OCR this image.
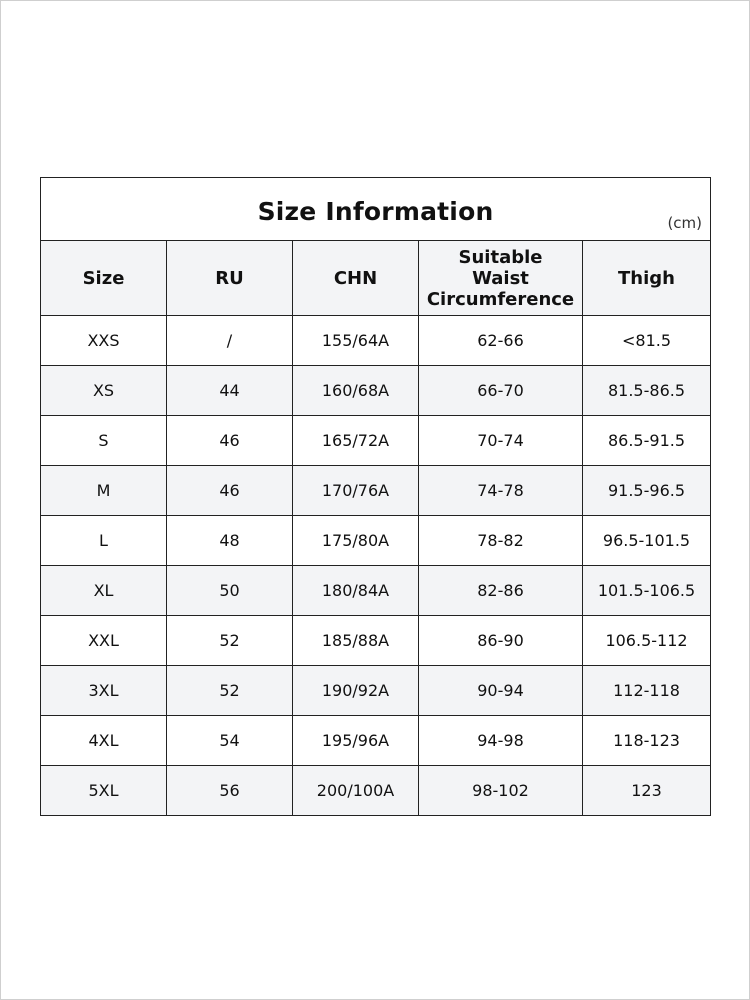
Size Information (cm)				

Size	RU	CHN	Suitable
Waist
Circumference	Thigh
XXS	/	155/64A	62-66	<81.5
XS	44	160/68A	66-70	81.5-86.5
S	46	165/72A	70-74	86.5-91.5
M	46	170/76A	74-78	91.5-96.5
L	48	175/80A	78-82	96.5-101.5
XL	50	180/84A	82-86	101.5-106.5
XXL	52	185/88A	86-90	106.5-112
3XL	52	190/92A	90-94	112-118
4XL	54	195/96A	94-98	118-123
5XL	56	200/100A	98-102	123
